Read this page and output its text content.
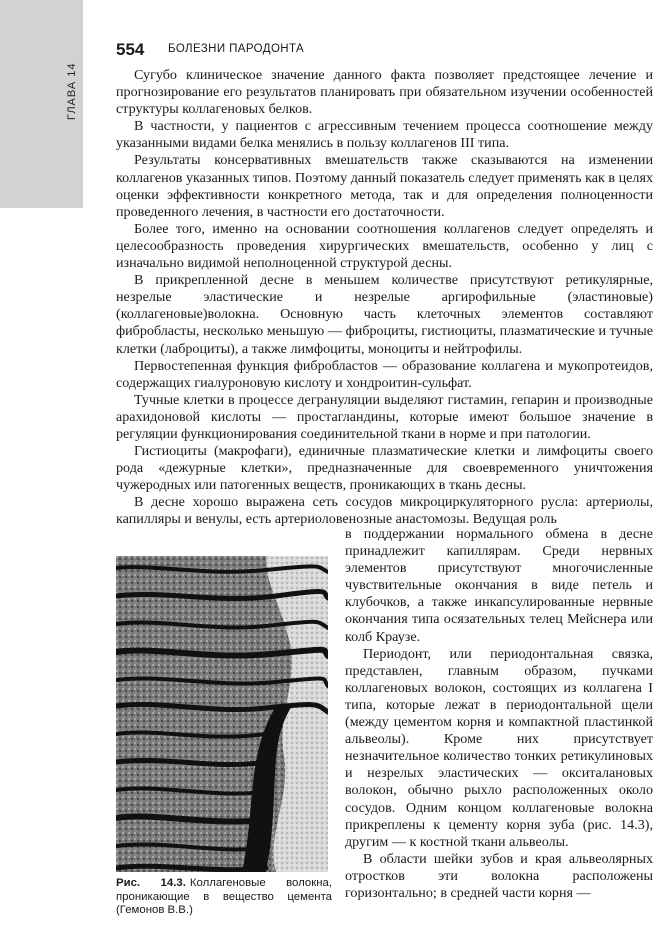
ГЛАВА 14
554 БОЛЕЗНИ ПАРОДОНТА

Сугубо клиническое значение данного факта позволяет предстоящее лечение и прогнозирование его результатов планировать при обязательном изучении особенностей структуры коллагеновых белков.

В частности, у пациентов с агрессивным течением процесса соотношение между указанными видами белка менялись в пользу коллагенов III типа.

Результаты консервативных вмешательств также сказываются на изменении коллагенов указанных типов. Поэтому данный показатель следует применять как в целях оценки эффективности конкретного метода, так и для определения полноценности проведенного лечения, в частности его достаточности.

Более того, именно на основании соотношения коллагенов следует определять и целесообразность проведения хирургических вмешательств, особенно у лиц с изначально видимой неполноценной структурой десны.

В прикрепленной десне в меньшем количестве присутствуют ретикулярные, незрелые эластические и незрелые аргирофильные (эластиновые) (коллагеновые)волокна. Основную часть клеточных элементов составляют фибробласты, несколько меньшую — фиброциты, гистиоциты, плазматические и тучные клетки (лаброциты), а также лимфоциты, моноциты и нейтрофилы.

Первостепенная функция фибробластов — образование коллагена и мукопротеидов, содержащих гиалуроновую кислоту и хондроитин-сульфат.

Тучные клетки в процессе дегрануляции выделяют гистамин, гепарин и производные арахидоновой кислоты — простагландины, которые имеют большое значение в регуляции функционирования соединительной ткани в норме и при патологии.

Гистиоциты (макрофаги), единичные плазматические клетки и лимфоциты своего рода «дежурные клетки», предназначенные для своевременного уничтожения чужеродных или патогенных веществ, проникающих в ткань десны.

В десне хорошо выражена сеть сосудов микроциркуляторного русла: артериолы, капилляры и венулы, есть артериоловенозные анастомозы. Ведущая роль

Рис. 14.3. Коллагеновые волокна, проникающие в вещество цемента (Гемонов В.В.)

в поддержании нормального обмена в десне принадлежит капиллярам. Среди нервных элементов присутствуют многочисленные чувствительные окончания в виде петель и клубочков, а также инкапсулированные нервные окончания типа осязательных телец Мейснера или колб Краузе.

Периодонт, или периодонтальная связка, представлен, главным образом, пучками коллагеновых волокон, состоящих из коллагена I типа, которые лежат в периодонтальной щели (между цементом корня и компактной пластинкой альвеолы). Кроме них присутствует незначительное количество тонких ретикулиновых и незрелых эластических — окситалановых волокон, обычно рыхло расположенных около сосудов. Одним концом коллагеновые волокна прикреплены к цементу корня зуба (рис. 14.3), другим — к костной ткани альвеолы.

В области шейки зубов и края альвеолярных отростков эти волокна расположены горизонтально; в средней части корня —
